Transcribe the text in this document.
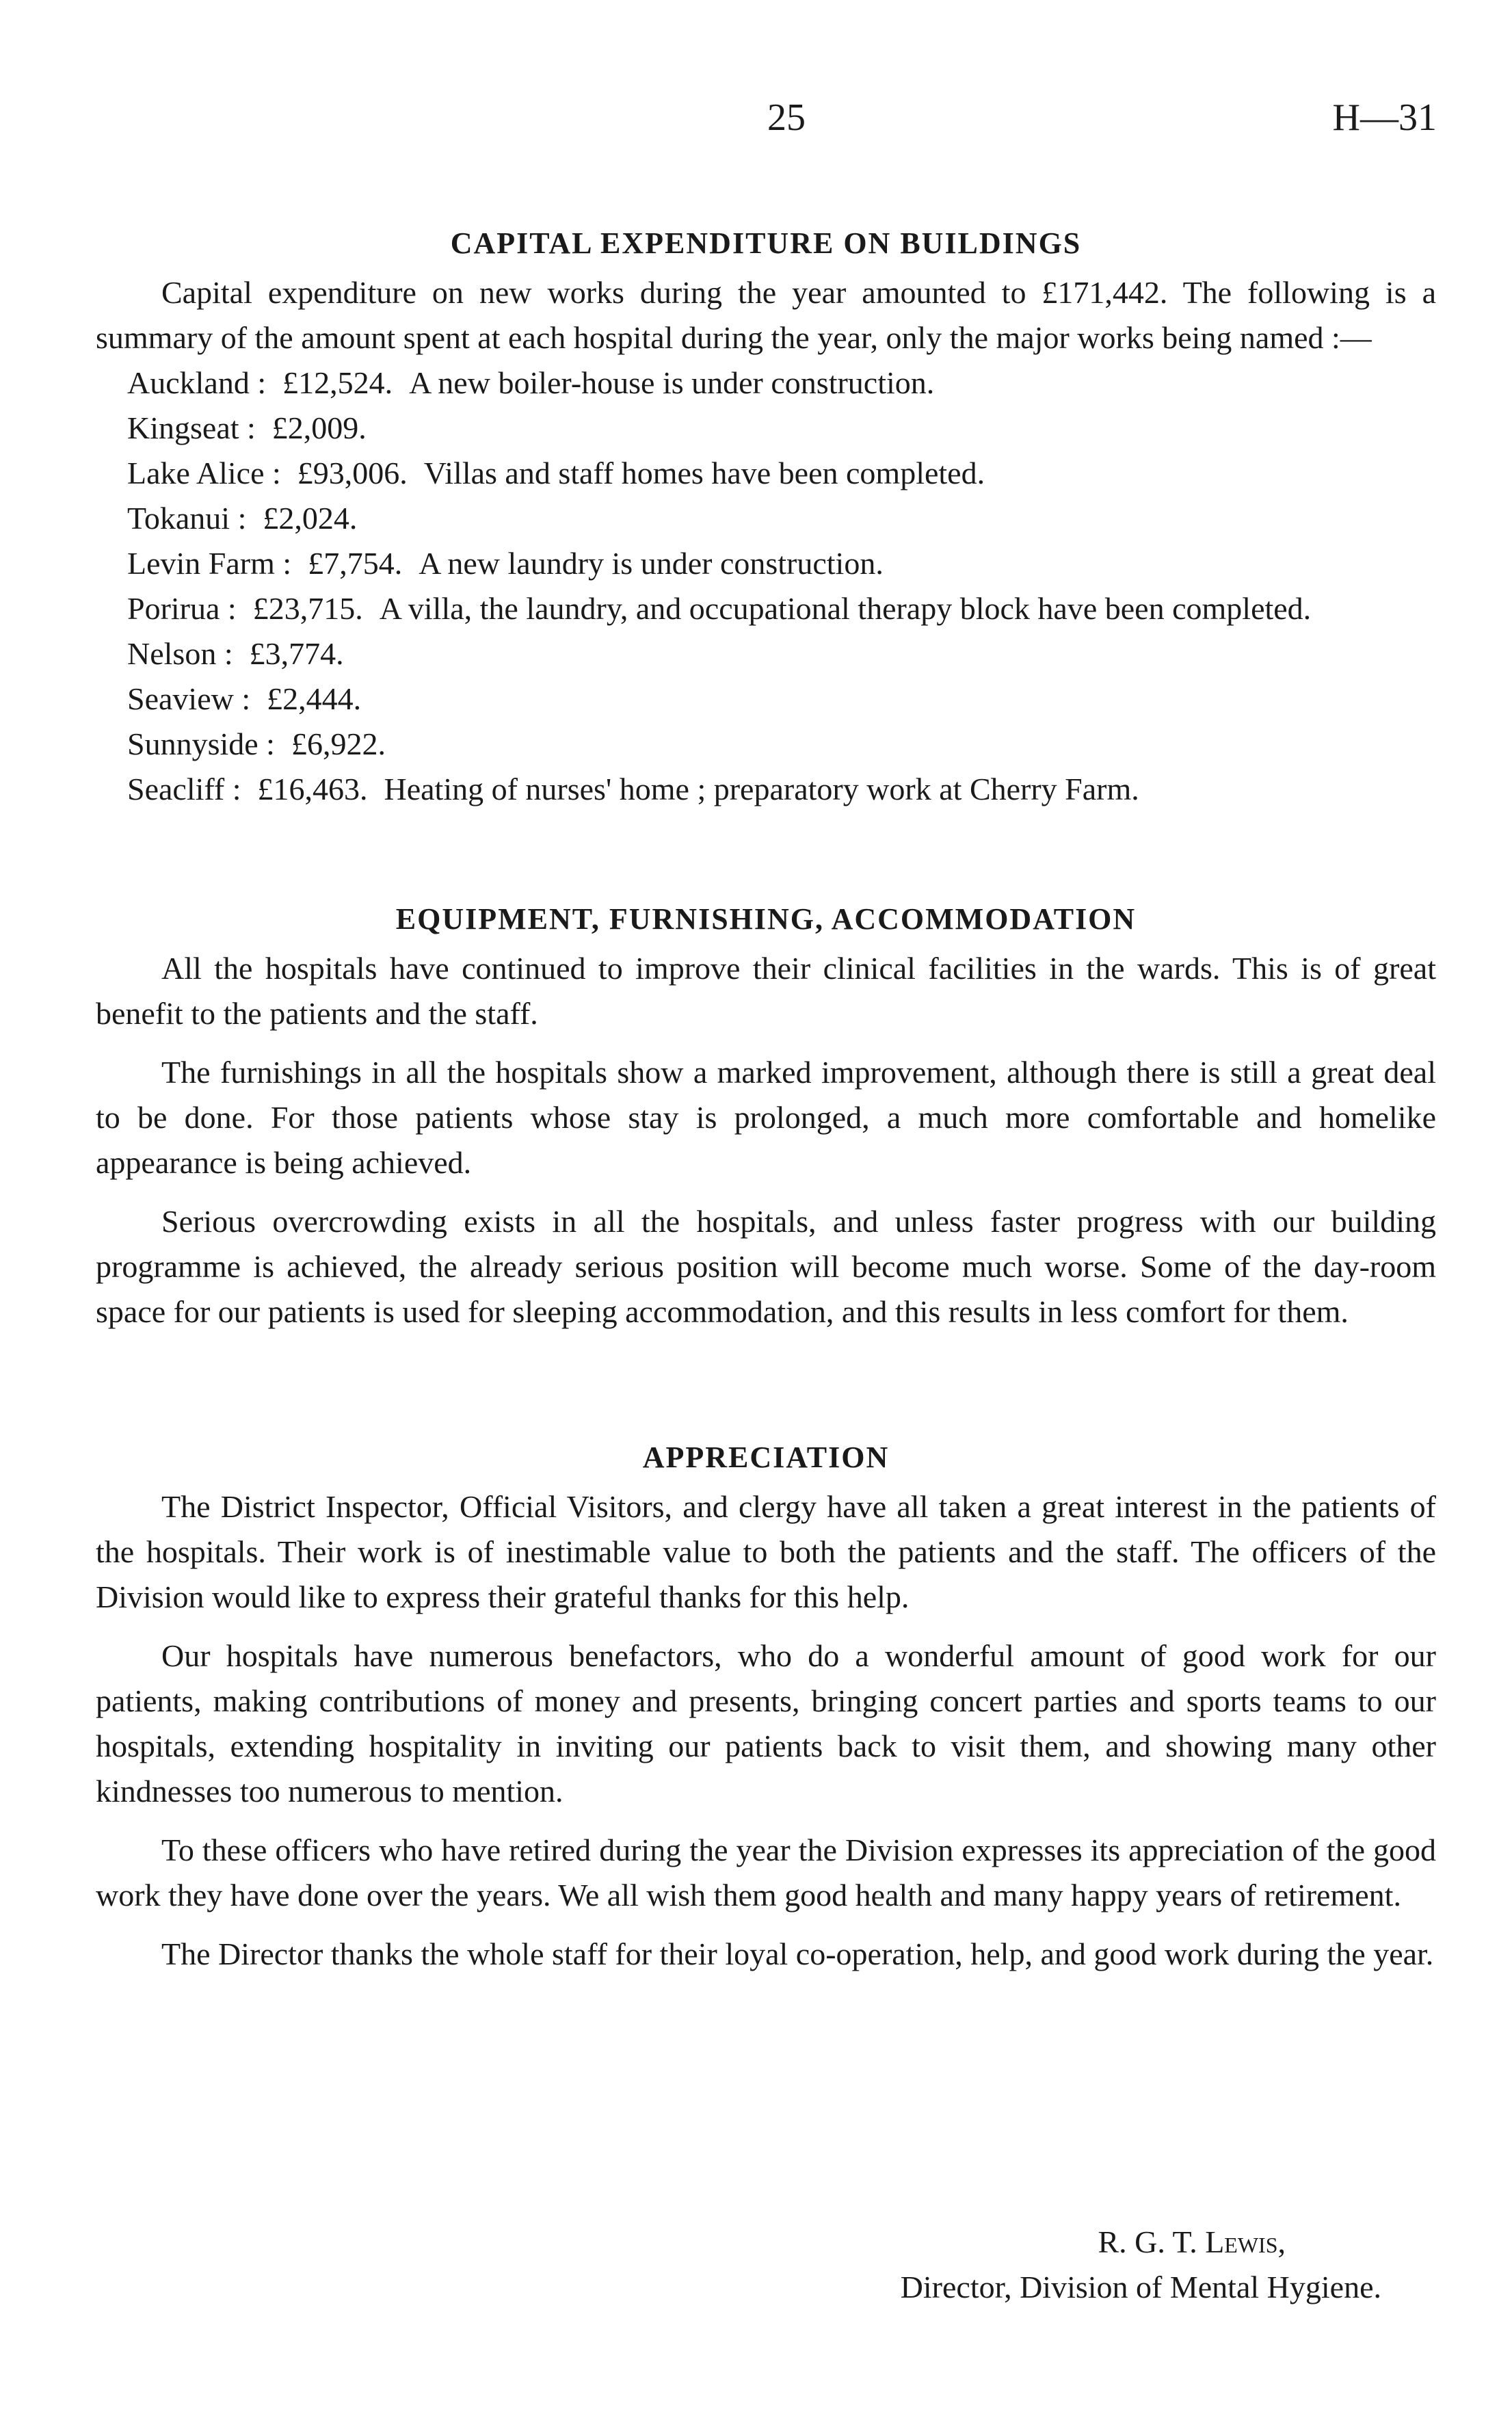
25	H—31
CAPITAL EXPENDITURE ON BUILDINGS

Capital expenditure on new works during the year amounted to £171,442. The following is a summary of the amount spent at each hospital during the year, only the major works being named :—

Auckland : £12,524. A new boiler-house is under construction.
Kingseat : £2,009.
Lake Alice : £93,006. Villas and staff homes have been completed.
Tokanui : £2,024.
Levin Farm : £7,754. A new laundry is under construction.
Porirua : £23,715. A villa, the laundry, and occupational therapy block have been completed.
Nelson : £3,774.
Seaview : £2,444.
Sunnyside : £6,922.
Seacliff : £16,463. Heating of nurses' home ; preparatory work at Cherry Farm.
EQUIPMENT, FURNISHING, ACCOMMODATION

All the hospitals have continued to improve their clinical facilities in the wards. This is of great benefit to the patients and the staff.

The furnishings in all the hospitals show a marked improvement, although there is still a great deal to be done. For those patients whose stay is prolonged, a much more comfortable and homelike appearance is being achieved.

Serious overcrowding exists in all the hospitals, and unless faster progress with our building programme is achieved, the already serious position will become much worse. Some of the day-room space for our patients is used for sleeping accommodation, and this results in less comfort for them.

APPRECIATION

The District Inspector, Official Visitors, and clergy have all taken a great interest in the patients of the hospitals. Their work is of inestimable value to both the patients and the staff. The officers of the Division would like to express their grateful thanks for this help.

Our hospitals have numerous benefactors, who do a wonderful amount of good work for our patients, making contributions of money and presents, bringing concert parties and sports teams to our hospitals, extending hospitality in inviting our patients back to visit them, and showing many other kindnesses too numerous to mention.

To these officers who have retired during the year the Division expresses its appreciation of the good work they have done over the years. We all wish them good health and many happy years of retirement.

The Director thanks the whole staff for their loyal co-operation, help, and good work during the year.

R. G. T. Lewis,
Director, Division of Mental Hygiene.
